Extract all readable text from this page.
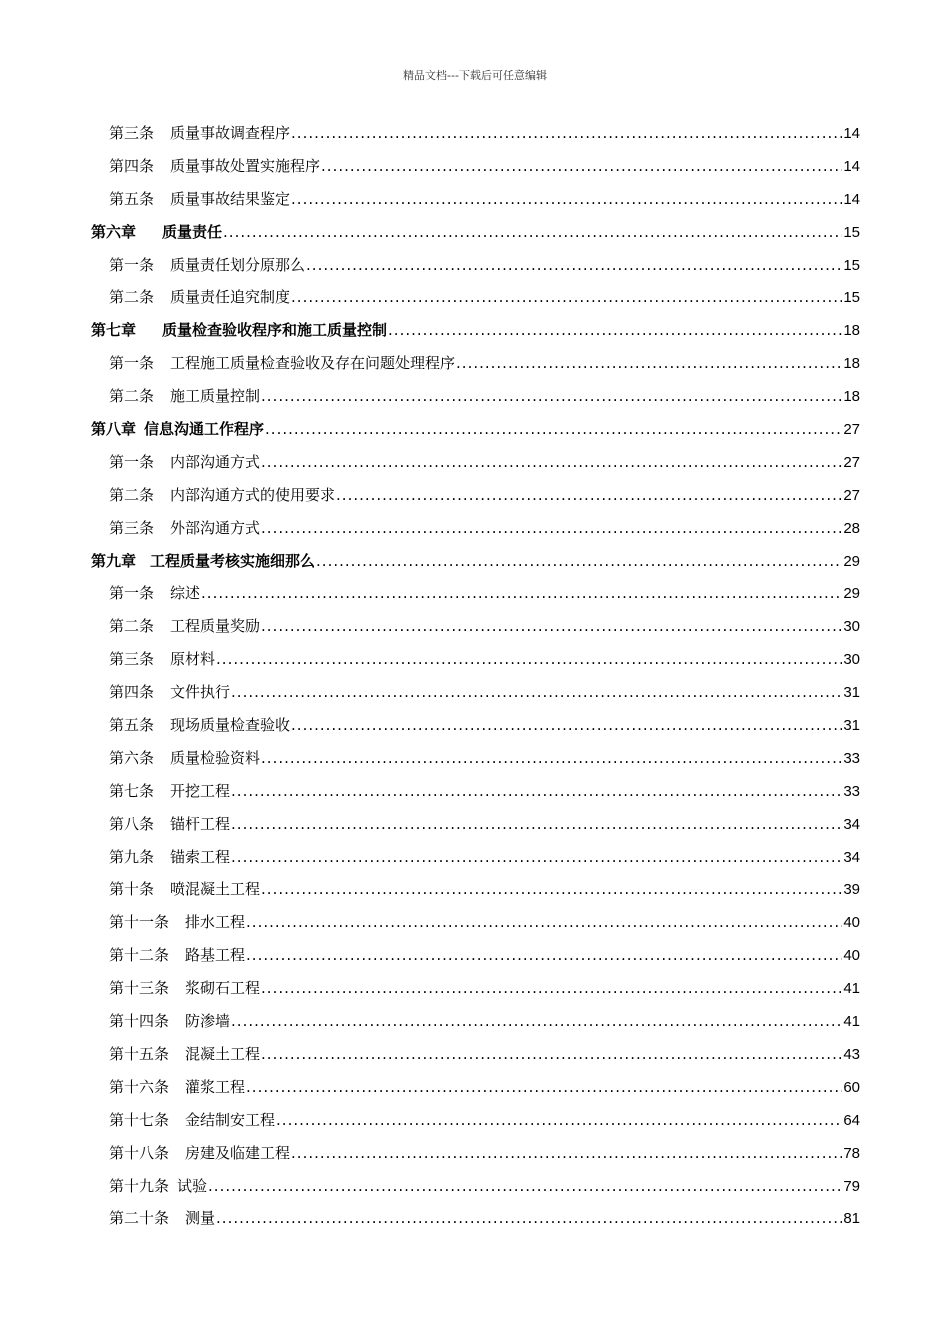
精品文档---下载后可任意编辑
第三条 质量事故调查程序 .....	14
第四条 质量事故处置实施程序 .....	14
第五条 质量事故结果鉴定 .....	14
第六章 质量责任 .....	15
第一条 质量责任划分原那么 .....	15
第二条 质量责任追究制度 .....	15
第七章 质量检查验收程序和施工质量控制 .....	18
第一条 工程施工质量检查验收及存在问题处理程序 .....	18
第二条 施工质量控制 .....	18
第八章 信息沟通工作程序 .....	27
第一条 内部沟通方式 .....	27
第二条 内部沟通方式的使用要求 .....	27
第三条 外部沟通方式 .....	28
第九章 工程质量考核实施细那么 .....	29
第一条 综述 .....	29
第二条 工程质量奖励 .....	30
第三条 原材料 .....	30
第四条 文件执行 .....	31
第五条 现场质量检查验收 .....	31
第六条 质量检验资料 .....	33
第七条 开挖工程 .....	33
第八条 锚杆工程 .....	34
第九条 锚索工程 .....	34
第十条 喷混凝土工程 .....	39
第十一条 排水工程 .....	40
第十二条 路基工程 .....	40
第十三条 浆砌石工程 .....	41
第十四条 防渗墙 .....	41
第十五条 混凝土工程 .....	43
第十六条 灌浆工程 .....	60
第十七条 金结制安工程 .....	64
第十八条 房建及临建工程 .....	78
第十九条 试验 .....	79
第二十条 测量 .....	81
